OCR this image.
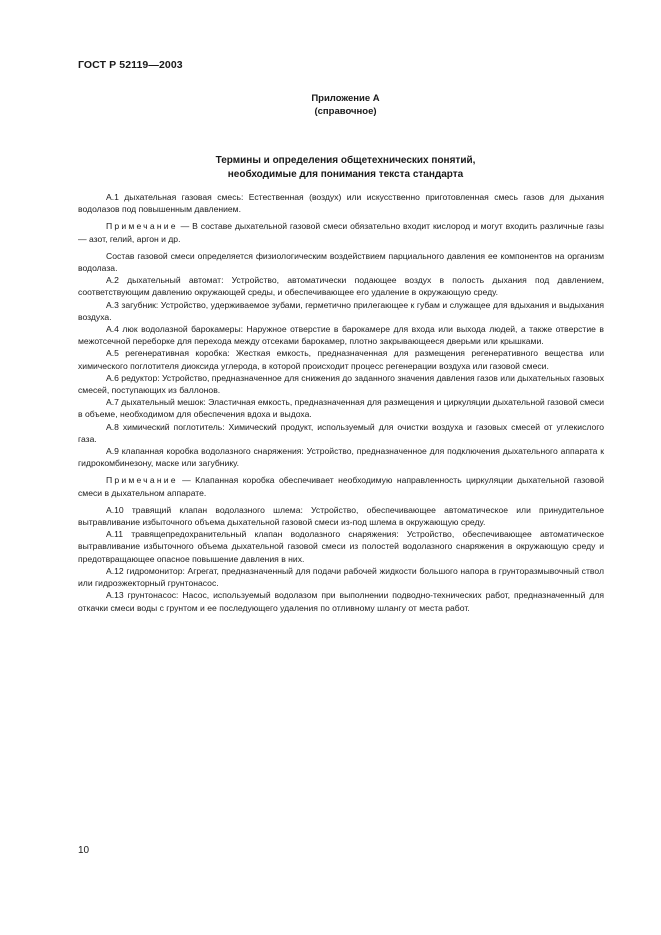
ГОСТ Р 52119—2003
Приложение А
(справочное)
Термины и определения общетехнических понятий,
необходимые для понимания текста стандарта

А.1 дыхательная газовая смесь: Естественная (воздух) или искусственно приготовленная смесь газов для дыхания водолазов под повышенным давлением.

Примечание — В составе дыхательной газовой смеси обязательно входит кислород и могут входить различные газы — азот, гелий, аргон и др.

Состав газовой смеси определяется физиологическим воздействием парциального давления ее компонентов на организм водолаза.

А.2 дыхательный автомат: Устройство, автоматически подающее воздух в полость дыхания под давлением, соответствующим давлению окружающей среды, и обеспечивающее его удаление в окружающую среду.

А.3 загубник: Устройство, удерживаемое зубами, герметично прилегающее к губам и служащее для вдыхания и выдыхания воздуха.

А.4 люк водолазной барокамеры: Наружное отверстие в барокамере для входа или выхода людей, а также отверстие в межотсечной переборке для перехода между отсеками барокамер, плотно закрывающееся дверьми или крышками.

А.5 регенеративная коробка: Жесткая емкость, предназначенная для размещения регенеративного вещества или химического поглотителя диоксида углерода, в которой происходит процесс регенерации воздуха или газовой смеси.

А.6 редуктор: Устройство, предназначенное для снижения до заданного значения давления газов или дыхательных газовых смесей, поступающих из баллонов.

А.7 дыхательный мешок: Эластичная емкость, предназначенная для размещения и циркуляции дыхательной газовой смеси в объеме, необходимом для обеспечения вдоха и выдоха.

А.8 химический поглотитель: Химический продукт, используемый для очистки воздуха и газовых смесей от углекислого газа.

А.9 клапанная коробка водолазного снаряжения: Устройство, предназначенное для подключения дыхательного аппарата к гидрокомбинезону, маске или загубнику.

Примечание — Клапанная коробка обеспечивает необходимую направленность циркуляции дыхательной газовой смеси в дыхательном аппарате.

А.10 травящий клапан водолазного шлема: Устройство, обеспечивающее автоматическое или принудительное вытравливание избыточного объема дыхательной газовой смеси из-под шлема в окружающую среду.

А.11 травящепредохранительный клапан водолазного снаряжения: Устройство, обеспечивающее автоматическое вытравливание избыточного объема дыхательной газовой смеси из полостей водолазного снаряжения в окружающую среду и предотвращающее опасное повышение давления в них.

А.12 гидромонитор: Агрегат, предназначенный для подачи рабочей жидкости большого напора в грунторазмывочный ствол или гидроэжекторный грунтонасос.

А.13 грунтонасос: Насос, используемый водолазом при выполнении подводно-технических работ, предназначенный для откачки смеси воды с грунтом и ее последующего удаления по отливному шлангу от места работ.

10
